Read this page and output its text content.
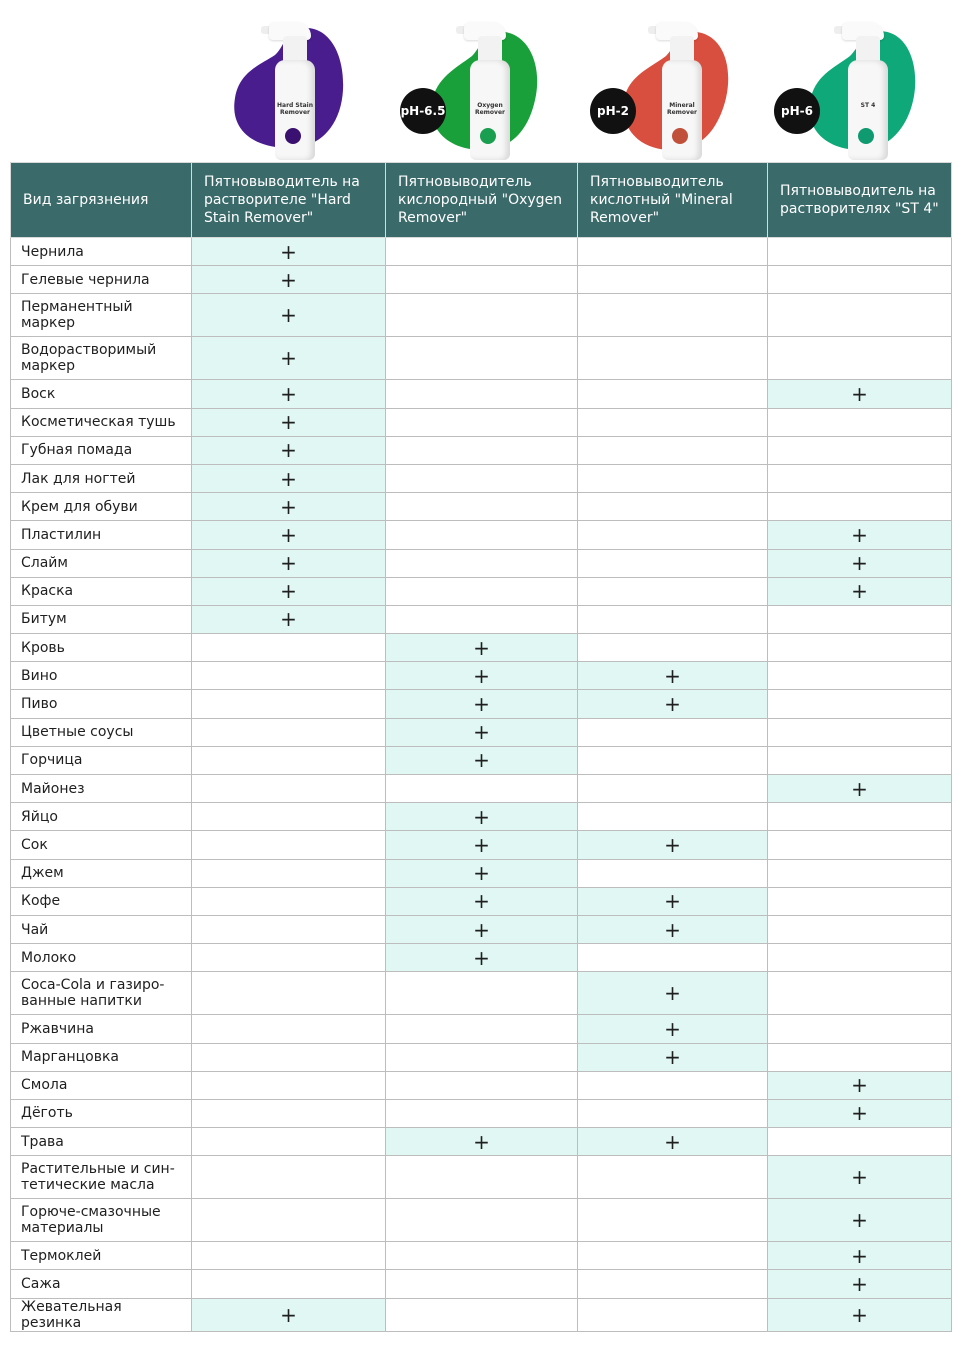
Hard Stain Remover
Oxygen Remover
pH-6.5	Mineral Remover
pH-2	ST 4
pH-6
Вид загрязнения	Пятновыводитель на растворителе "Hard Stain Remover"	Пятновыводитель кислородный "Oxygen Remover"	Пятновыводитель кислотный "Mineral Remover"	Пятновыводитель на растворителях "ST 4"
Чернила	+			
Гелевые чернила	+			
Перманентный маркер	+			
Водорастворимый маркер	+			
Воск	+			+
Косметическая тушь	+			
Губная помада	+			
Лак для ногтей	+			
Крем для обуви	+			
Пластилин	+			+
Слайм	+			+
Краска	+			+
Битум	+			
Кровь		+		
Вино		+	+	
Пиво		+	+	
Цветные соусы		+		
Горчица		+		
Майонез				+
Яйцо		+		
Сок		+	+	
Джем		+		
Кофе		+	+	
Чай		+	+	
Молоко		+		
Coca-Cola и газиро-ванные напитки			+	
Ржавчина			+	
Марганцовка			+	
Смола				+
Дёготь				+
Трава		+	+	
Растительные и син-тетические масла				+
Горюче-смазочные материалы				+
Термоклей				+
Сажа				+
Жевательная резинка	+			+
